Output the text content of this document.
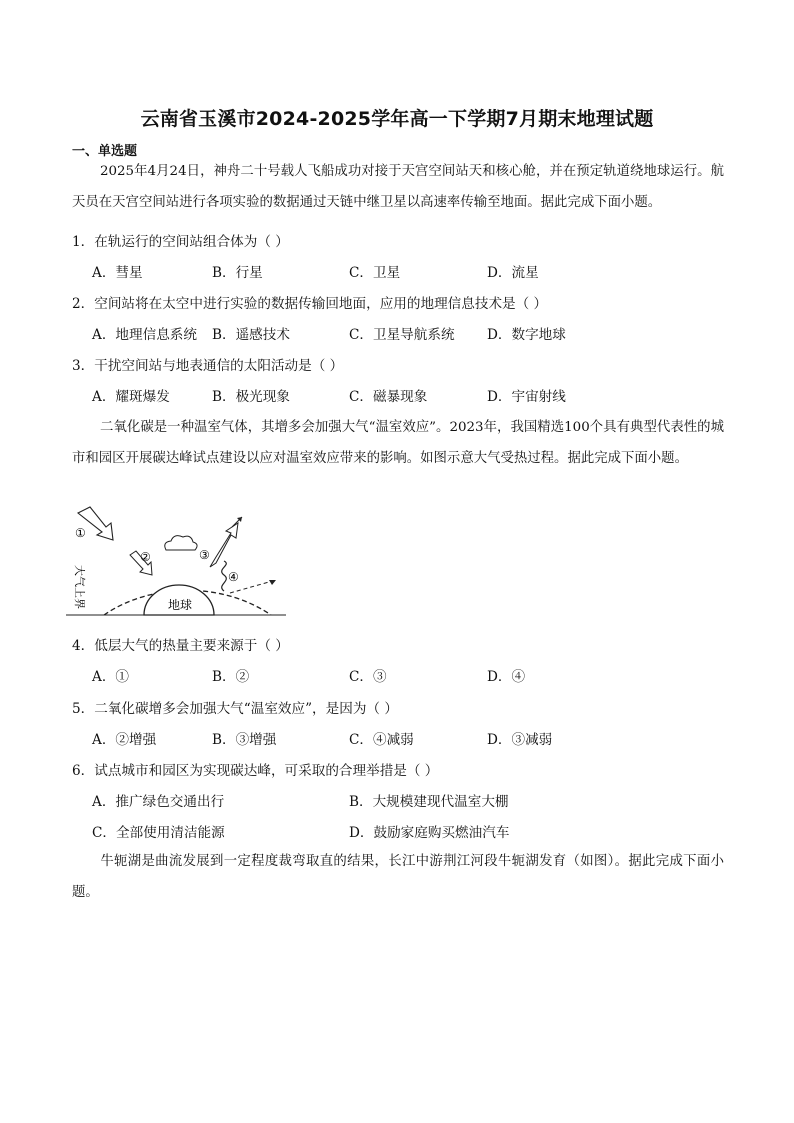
云南省玉溪市2024-2025学年高一下学期7月期末地理试题
一、单选题
2025年4月24日，神舟二十号载人飞船成功对接于天宫空间站天和核心舱，并在预定轨道绕地球运行。航天员在天宫空间站进行各项实验的数据通过天链中继卫星以高速率传输至地面。据此完成下面小题。
1．在轨运行的空间站组合体为（ ）
A．彗星	B．行星	C．卫星	D．流星
2．空间站将在太空中进行实验的数据传输回地面，应用的地理信息技术是（ ）
A．地理信息系统 B．遥感技术	C．卫星导航系统 D．数字地球
3．干扰空间站与地表通信的太阳活动是（ ）
A．耀斑爆发	B．极光现象	C．磁暴现象	D．宇宙射线
二氧化碳是一种温室气体，其增多会加强大气“温室效应”。2023年，我国精选100个具有典型代表性的城市和园区开展碳达峰试点建设以应对温室效应带来的影响。如图示意大气受热过程。据此完成下面小题。
地球
大气上界
①
②	③
④
4．低层大气的热量主要来源于（ ）
A．①	B．②	C．③	D．④
5．二氧化碳增多会加强大气“温室效应”，是因为（ ）
A．②增强	B．③增强	C．④减弱	D．③减弱
6．试点城市和园区为实现碳达峰，可采取的合理举措是（ ）
A．推广绿色交通出行	B．大规模建现代温室大棚
C．全部使用清洁能源	D．鼓励家庭购买燃油汽车
牛轭湖是曲流发展到一定程度裁弯取直的结果，长江中游荆江河段牛轭湖发育（如图）。据此完成下面小题。
